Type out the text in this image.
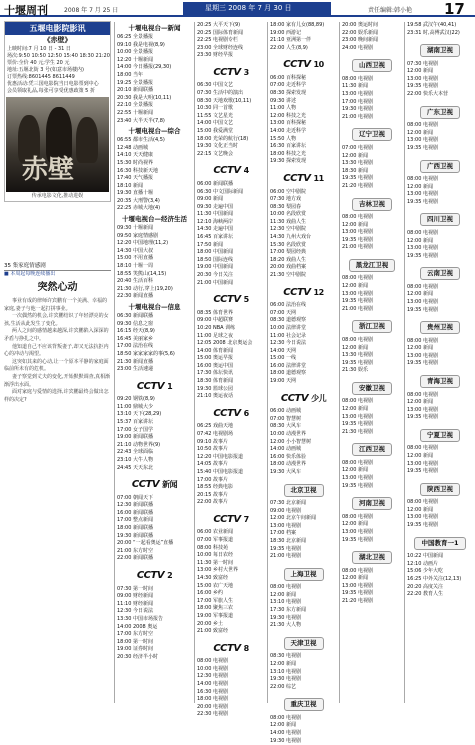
十堰周刊	2008 年 7 月 25 日	星期三 2008 年 7 月 30 日	责任编辑:韩小艳 17
五堰电影院影讯
《赤壁》
上映时间:7 月 10 日 - 31 日
场次:9:50 10:50 12:50 15:40 18:30 21:20
票价:全价 40 元;学生 20 元
地址:五堰北街 3 号(如意市场楼内)
订票热线:8601445 8611449
优惠活动:凭三国电影院当日电影票到中心
会员领取礼品,每张可享受优惠政策 5 折
赤壁
传承电影文化,推动进娱
35 集家庭情感剧
■ 本周起每晚连续播出
突然心动
事业有成的律师许宾鹏有一个美满、幸福的家庭,妻子与他一起打拼事业。
一次偶然的机会,许宾鹏结识了年轻漂亮的女孩,生活从此发生了变化。
两人之间的感情越来越深,许宾鹏陷入深深的矛盾与挣扎之中。
他知道自己不应该背叛妻子,却又无法抗拒内心的冲动与渴望。
这突如其来的心动,让一个原本平静的家庭面临前所未有的危机。
妻子察觉到丈夫的变化,开始默默调查,真相渐渐浮出水面。
面对家庭与爱情的选择,许宾鹏最终会做出怎样的决定?
十堰电视台—新闻
06:25 全景播报
09:10 我是电视(8,9)
10:00 全景播报
12:20 十堰新闻
14:00 今日播报(29,30)
18:00 当年
19:25 全景播报
20:10 新闻联播
20:30 我是大明(10,11)
22:10 全景播报
22:55 十堰新闻
23:40 大半天半(7,8)
十堰电视台—综合
06:55 都市生活(4,5)
12:48 动画城
14:10 天天健康
15:30 时尚视界
16:30 科技新天地
17:40 天气播报
18:10 新闻
19:30 直播十堰
20:35 大刑警(3,4)
22:25 赤城大地(4)
十堰电视台—经济生活
09:30 十堰新闻
09:50 家庭情感剧
12:20 中国地理(11,2)
14:30 中国大叔
15:00 不用直播
18:10 十堰一周
18:55 笑熊山(14,15)
20:40 生活百科
21:30 动行,穿上(19,20)
22:30 新闻直播
十堰电视台—信息
06:30 新闻联播
09:30 信息之窗
16:15 经天(8,9)
16:45 美丽家乡
17:00 法治在线
18:50 家家家家的事(5,6)
21:30 新闻直播
23:00 生活速递
CCTV 1
09:20 钢铁(8,9)
11:00 鼎城大少
13:10 天下(28,29)
15:37 百家讲坛
17:00 女子国学
19:00 新闻联播
21:10 动物世界(9)
22:43 全球面临
23:10 大牛人物
24:45 天天东北
CCTV 新闻
07:00 朝闻天下
12:30 新闻联播
16:00 新闻联播
17:00 整点新闻
18:00 新闻联播
19:30 新闻联播
20:00 “一起看奥运”直播
21:00 东方时空
22:00 新闻联播
CCTV 2
07:30 第一时间
09:00 财经新闻
11:10 财经新闻
12:30 今日说法
13:30 中国市场报告
14:00 2008 奥运
17:00 东方时空
18:00 第一时间
19:00 证券时间
20:30 经济半小时
20:25 大平天下(9)
20:25 国际体育新闻
22:25 电视剧专栏
23:00 全球财经连线
23:30 财经早报
CCTV 3
06:30 中国文艺
07:30 生活中的演出
08:30 天地欢歌(10,11)
10:30 同一首歌
11:55 文艺星光
14:00 中国文艺
15:00 我爱满堂
18:00 光荣的航行(18)
19:30 文化正当时
22:15 文艺晚会
CCTV 4
06:00 新闻联播
06:30 中文国际新闻
09:00 新闻
09:30 走遍中国
11:30 中国新闻
12:10 海峡两岸
14:30 走遍中国
16:45 百家讲坛
17:50 新闻
18:00 中国新闻
18:50 国际连线
19:00 中国新闻
20:30 今日关注
21:00 中国新闻
CCTV 5
08:35 体育世界
09:00 中超联赛
10:20 NBA 训练
11:00 足球之夜
12:05 2008 北京奥运会
14:00 体育新闻
15:00 奥运早报
16:00 奥运中国
17:30 体坛快讯
18:30 体育新闻
19:30 篮球公园
21:10 奥运夜话
CCTV 6
06:25 戏曲天地
07:42 电视剧场
09:10 故事片
10:50 故事片
12:20 中国电影报道
14:05 故事片
15:40 中国电影报道
17:00 故事片
18:55 经典电影
20:15 故事片
22:00 故事片
CCTV 7
06:00 农业新闻
07:00 军事报道
08:00 科技苑
10:00 每日农经
11:30 第一时间
13:00 乡村大世界
14:30 致富经
15:00 农广天地
16:00 乡约
17:00 军旅人生
18:00 聚焦三农
19:00 军事报道
20:00 乡土
21:00 致富经
CCTV 8
08:00 电视剧
10:00 电视剧
12:30 电视剧
14:00 电视剧
16:30 电视剧
18:00 电视剧
20:00 电视剧
22:30 电视剧
18:00 家有儿女(88,89)
19:00 西游记
21:10 亚洲第一伴
22:00 人生(8,9)
CCTV 10
06:00 百科探秘
07:00 走近科学
08:30 探索发现
09:30 讲述
11:00 人物
12:00 科技之光
13:00 百科探秘
14:00 走近科学
15:50 人物
16:30 百家讲坛
18:00 科技之光
19:30 探索发现
CCTV 11
06:00 空中剧院
07:30 地方戏
08:30 梨园春
10:00 名段欣赏
11:30 戏曲人生
12:30 空中剧院
14:30 九州大戏台
15:30 名段欣赏
17:00 梨园经典
18:20 戏曲人生
20:00 戏曲档案
21:30 空中剧院
CCTV 12
06:00 法治在线
07:00 天网
08:30 道德观察
10:00 法律讲堂
11:00 社会记录
12:30 今日说法
14:00 天网
15:00 一线
16:00 法律讲堂
18:00 道德观察
19:00 天网
CCTV 少儿
06:00 动画城
07:00 智慧树
08:30 大风车
10:00 动漫世界
12:00 小小智慧树
14:00 动画城
16:00 快乐体验
18:00 动漫世界
19:30 大风车
北京卫视
07:30 北京新闻
09:00 电视剧
12:00 北京午间新闻
13:00 电视剧
17:00 档案
18:30 北京新闻
19:35 电视剧
21:00 电视剧
上海卫视
08:00 电视剧
12:00 新闻
13:10 电视剧
17:30 东方新闻
19:30 电视剧
21:30 大人物
天津卫视
08:30 电视剧
12:00 新闻
13:10 电视剧
19:30 电视剧
22:00 综艺
重庆卫视
08:00 电视剧
12:00 新闻
14:00 电视剧
19:30 电视剧
20:00 奥运时间
22:00 娱乐新闻
23:00 晚间新闻
24:00 电视剧
山西卫视
08:00 电视剧
11:30 新闻
13:00 电视剧
17:00 电视剧
19:30 电视剧
21:00 电视剧
辽宁卫视
07:00 电视剧
12:00 新闻
13:30 电视剧
18:30 新闻
19:35 电视剧
21:20 电视剧
吉林卫视
08:00 电视剧
12:00 新闻
13:00 电视剧
19:35 电视剧
21:00 电视剧
黑龙江卫视
08:00 电视剧
12:00 新闻
13:00 电视剧
19:35 电视剧
21:00 电视剧
浙江卫视
08:00 电视剧
12:00 新闻
13:30 电视剧
19:35 电视剧
21:30 娱乐
安徽卫视
08:00 电视剧
12:00 新闻
13:00 电视剧
19:35 电视剧
21:30 电视剧
江西卫视
08:00 电视剧
12:00 新闻
13:00 电视剧
19:35 电视剧
河南卫视
08:00 电视剧
12:00 新闻
13:00 电视剧
19:35 电视剧
湖北卫视
08:00 电视剧
12:00 新闻
13:00 电视剧
19:35 电视剧
21:20 电视剧
19:58 武汉午(40,41)
23:31 时,高傅武汉(22)
湖南卫视
07:30 电视剧
12:00 新闻
13:00 电视剧
19:35 电视剧
22:00 快乐大本营
广东卫视
08:00 电视剧
12:00 新闻
13:00 电视剧
19:35 电视剧
广西卫视
08:00 电视剧
12:00 新闻
13:00 电视剧
19:35 电视剧
四川卫视
08:00 电视剧
12:00 新闻
13:00 电视剧
19:35 电视剧
云南卫视
08:00 电视剧
12:00 新闻
13:00 电视剧
19:35 电视剧
贵州卫视
08:00 电视剧
12:00 新闻
13:00 电视剧
19:35 电视剧
青海卫视
08:00 电视剧
12:00 新闻
13:00 电视剧
19:35 电视剧
宁夏卫视
08:00 电视剧
12:00 新闻
13:00 电视剧
19:35 电视剧
陕西卫视
08:00 电视剧
12:00 新闻
13:00 电视剧
19:35 电视剧
中国教育一1
10:22 中国新闻
12:10 动画片
15:06 少年大吃
16:25 中外关注(12,13)
20:20 高度关注
22:20 教育人生
